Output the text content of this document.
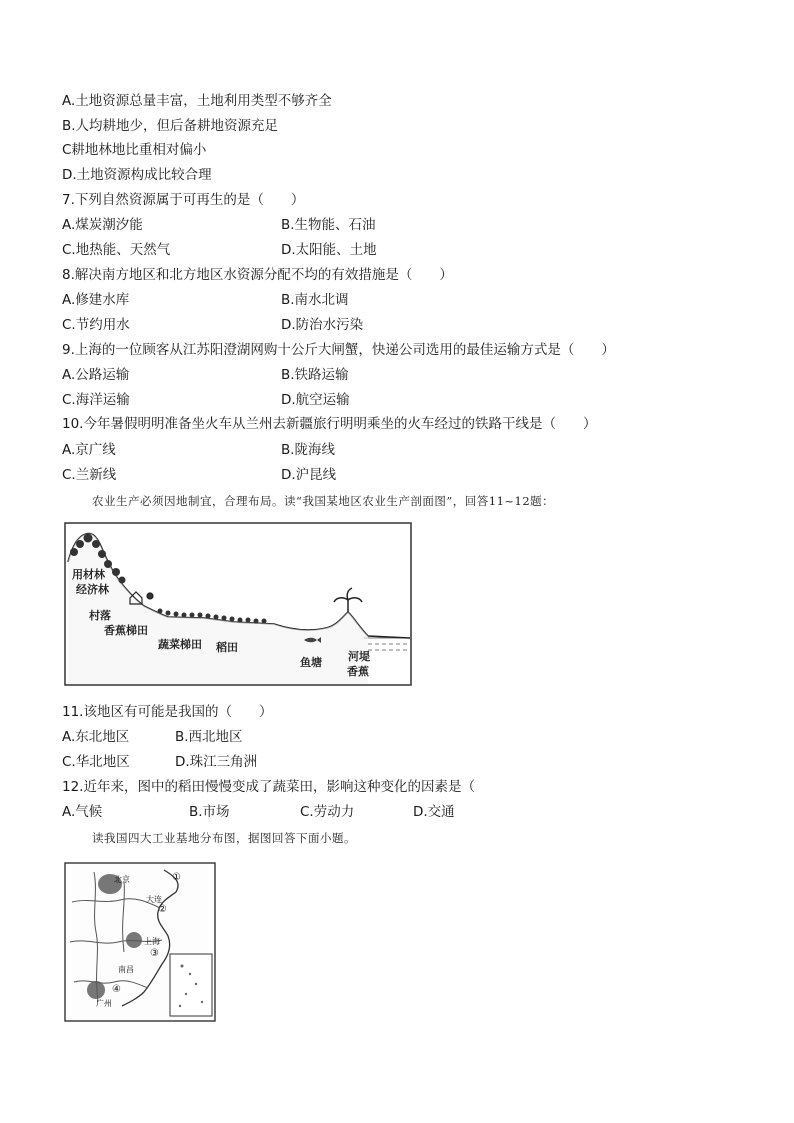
A.土地资源总量丰富，土地利用类型不够齐全
B.人均耕地少，但后备耕地资源充足
C耕地林地比重相对偏小
D.土地资源构成比较合理
7.下列自然资源属于可再生的是（　　）
A.煤炭潮汐能	B.生物能、石油
C.地热能、天然气	D.太阳能、土地
8.解决南方地区和北方地区水资源分配不均的有效措施是（　　）
A.修建水库	B.南水北调
C.节约用水	D.防治水污染
9.上海的一位顾客从江苏阳澄湖网购十公斤大闸蟹，快递公司选用的最佳运输方式是（　　）
A.公路运输	B.铁路运输
C.海洋运输	D.航空运输
10.今年暑假明明准备坐火车从兰州去新疆旅行明明乘坐的火车经过的铁路干线是（　　）
A.京广线	B.陇海线
C.兰新线	D.沪昆线
农业生产必须因地制宜，合理布局。读“我国某地区农业生产剖面图”，回答11~12题：
用材林
经济林
村落
香蕉梯田
蔬菜梯田 稻田
鱼塘 河堤
香蕉
11.该地区有可能是我国的（　　）
A.东北地区	B.西北地区
C.华北地区	D.珠江三角洲
12.近年来，图中的稻田慢慢变成了蔬菜田，影响这种变化的因素是（
A.气候	B.市场	C.劳动力	D.交通
读我国四大工业基地分布图，据图回答下面小题。
北京
大连
上海
南昌
广州
①
②
③
④
